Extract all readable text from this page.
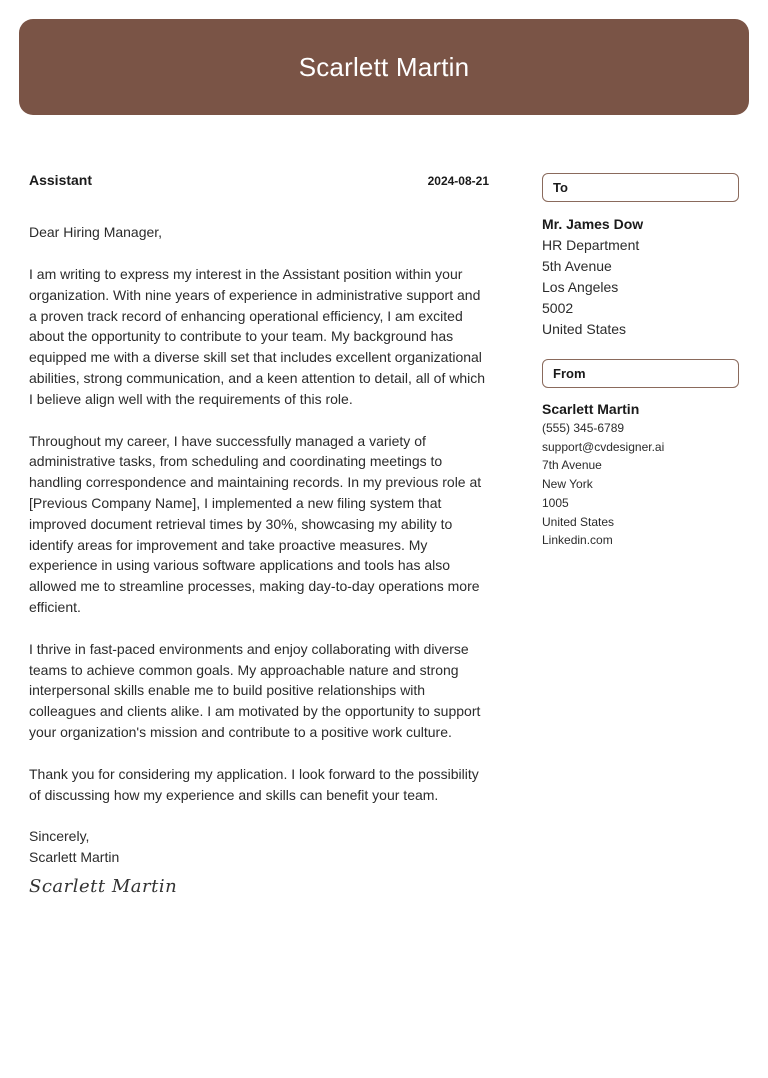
Scarlett Martin
Assistant	2024-08-21
Dear Hiring Manager,
I am writing to express my interest in the Assistant position within your organization. With nine years of experience in administrative support and a proven track record of enhancing operational efficiency, I am excited about the opportunity to contribute to your team. My background has equipped me with a diverse skill set that includes excellent organizational abilities, strong communication, and a keen attention to detail, all of which I believe align well with the requirements of this role.
Throughout my career, I have successfully managed a variety of administrative tasks, from scheduling and coordinating meetings to handling correspondence and maintaining records. In my previous role at [Previous Company Name], I implemented a new filing system that improved document retrieval times by 30%, showcasing my ability to identify areas for improvement and take proactive measures. My experience in using various software applications and tools has also allowed me to streamline processes, making day-to-day operations more efficient.
I thrive in fast-paced environments and enjoy collaborating with diverse teams to achieve common goals. My approachable nature and strong interpersonal skills enable me to build positive relationships with colleagues and clients alike. I am motivated by the opportunity to support your organization's mission and contribute to a positive work culture.
Thank you for considering my application. I look forward to the possibility of discussing how my experience and skills can benefit your team.
Sincerely,
Scarlett Martin
Scarlett Martin
To
Mr. James Dow
HR Department
5th Avenue
Los Angeles
5002
United States
From
Scarlett Martin
(555) 345-6789
support@cvdesigner.ai
7th Avenue
New York
1005
United States
Linkedin.com
